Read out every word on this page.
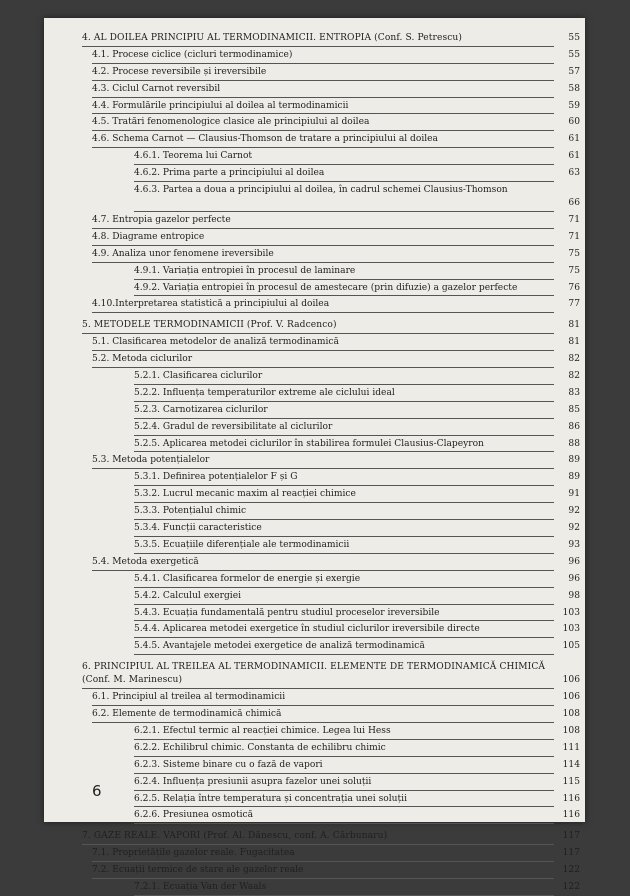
4. AL DOILEA PRINCIPIU AL TERMODINAMICII. ENTROPIA (Conf. S. Petrescu)	55
4.1. Procese ciclice (cicluri termodinamice)	55
4.2. Procese reversibile și ireversibile	57
4.3. Ciclul Carnot reversibil	58
4.4. Formulările principiului al doilea al termodinamicii	59
4.5. Tratări fenomenologice clasice ale principiului al doilea	60
4.6. Schema Carnot — Clausius-Thomson de tratare a principiului al doilea	61
4.6.1. Teorema lui Carnot	61
4.6.2. Prima parte a principiului al doilea	63
4.6.3. Partea a doua a principiului al doilea, în cadrul schemei Clausius-Thomson
66
4.7. Entropia gazelor perfecte	71
4.8. Diagrame entropice	71
4.9. Analiza unor fenomene ireversibile	75
4.9.1. Variația entropiei în procesul de laminare	75
4.9.2. Variația entropiei în procesul de amestecare (prin difuzie) a gazelor perfecte	76
4.10.Interpretarea statistică a principiului al doilea	77
5. METODELE TERMODINAMICII (Prof. V. Radcenco)	81
5.1. Clasificarea metodelor de analiză termodinamică	81
5.2. Metoda ciclurilor	82
5.2.1. Clasificarea ciclurilor	82
5.2.2. Influența temperaturilor extreme ale ciclului ideal	83
5.2.3. Carnotizarea ciclurilor	85
5.2.4. Gradul de reversibilitate al ciclurilor	86
5.2.5. Aplicarea metodei ciclurilor în stabilirea formulei Clausius-Clapeyron	88
5.3. Metoda potențialelor	89
5.3.1. Definirea potențialelor F și G	89
5.3.2. Lucrul mecanic maxim al reacției chimice	91
5.3.3. Potențialul chimic	92
5.3.4. Funcții caracteristice	92
5.3.5. Ecuațiile diferențiale ale termodinamicii	93
5.4. Metoda exergetică	96
5.4.1. Clasificarea formelor de energie și exergie	96
5.4.2. Calculul exergiei	98
5.4.3. Ecuația fundamentală pentru studiul proceselor ireversibile	103
5.4.4. Aplicarea metodei exergetice în studiul ciclurilor ireversibile directe	103
5.4.5. Avantajele metodei exergetice de analiză termodinamică	105
6. PRINCIPIUL AL TREILEA AL TERMODINAMICII. ELEMENTE DE TERMODINAMICĂ CHIMICĂ (Conf. M. Marinescu)	106
6.1. Principiul al treilea al termodinamicii	106
6.2. Elemente de termodinamică chimică	108
6.2.1. Efectul termic al reacției chimice. Legea lui Hess	108
6.2.2. Echilibrul chimic. Constanta de echilibru chimic	111
6.2.3. Sisteme binare cu o fază de vapori	114
6.2.4. Influența presiunii asupra fazelor unei soluții	115
6.2.5. Relația între temperatura și concentrația unei soluții	116
6.2.6. Presiunea osmotică	116
7. GAZE REALE. VAPORI (Prof. Al. Dănescu, conf. A. Cărbunaru)	117
7.1. Proprietățile gazelor reale. Fugacitatea	117
7.2. Ecuații termice de stare ale gazelor reale	122
7.2.1. Ecuația Van der Waals	122
6
